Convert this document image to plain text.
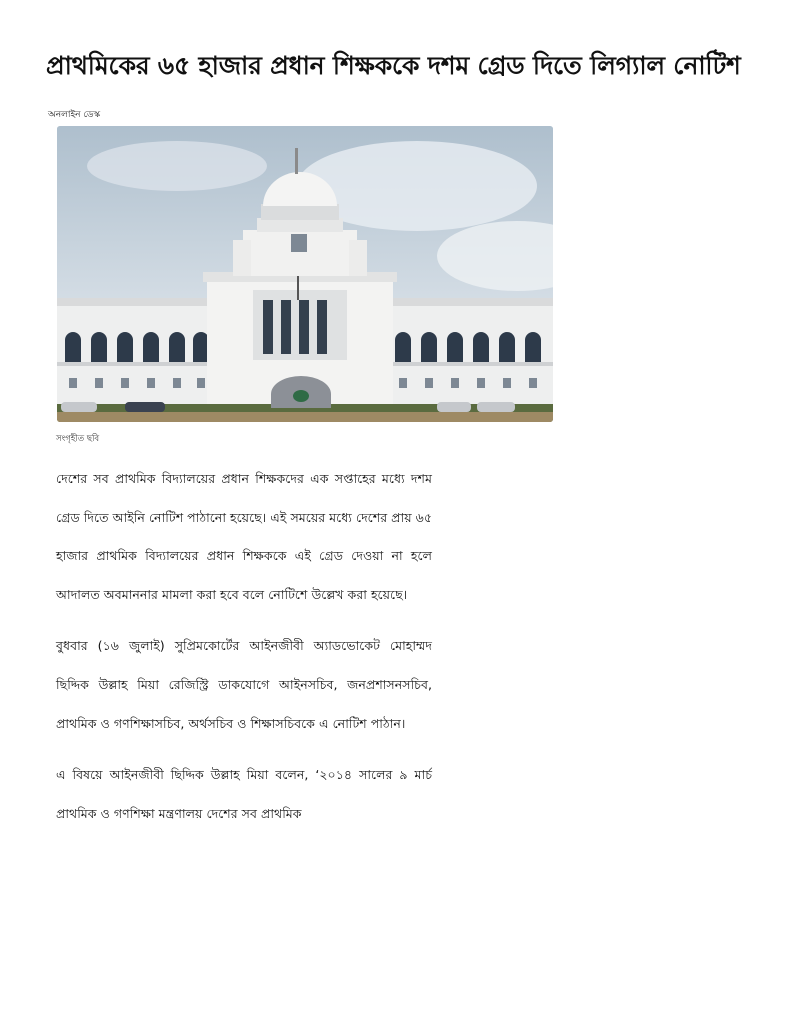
প্রাথমিকের ৬৫ হাজার প্রধান শিক্ষককে দশম গ্রেড দিতে লিগ্যাল নোটিশ
অনলাইন ডেস্ক
সংগৃহীত ছবি

দেশের সব প্রাথমিক বিদ্যালয়ের প্রধান শিক্ষকদের এক সপ্তাহের মধ্যে দশম গ্রেড দিতে আইনি নোটিশ পাঠানো হয়েছে। এই সময়ের মধ্যে দেশের প্রায় ৬৫ হাজার প্রাথমিক বিদ্যালয়ের প্রধান শিক্ষককে এই গ্রেড দেওয়া না হলে আদালত অবমাননার মামলা করা হবে বলে নোটিশে উল্লেখ করা হয়েছে।

বুধবার (১৬ জুলাই) সুপ্রিমকোর্টের আইনজীবী অ্যাডভোকেট মোহাম্মদ ছিদ্দিক উল্লাহ মিয়া রেজিস্ট্রি ডাকযোগে আইনসচিব, জনপ্রশাসনসচিব, প্রাথমিক ও গণশিক্ষাসচিব, অর্থসচিব ও শিক্ষাসচিবকে এ নোটিশ পাঠান।

এ বিষয়ে আইনজীবী ছিদ্দিক উল্লাহ মিয়া বলেন, ‘২০১৪ সালের ৯ মার্চ প্রাথমিক ও গণশিক্ষা মন্ত্রণালয় দেশের সব প্রাথমিক
